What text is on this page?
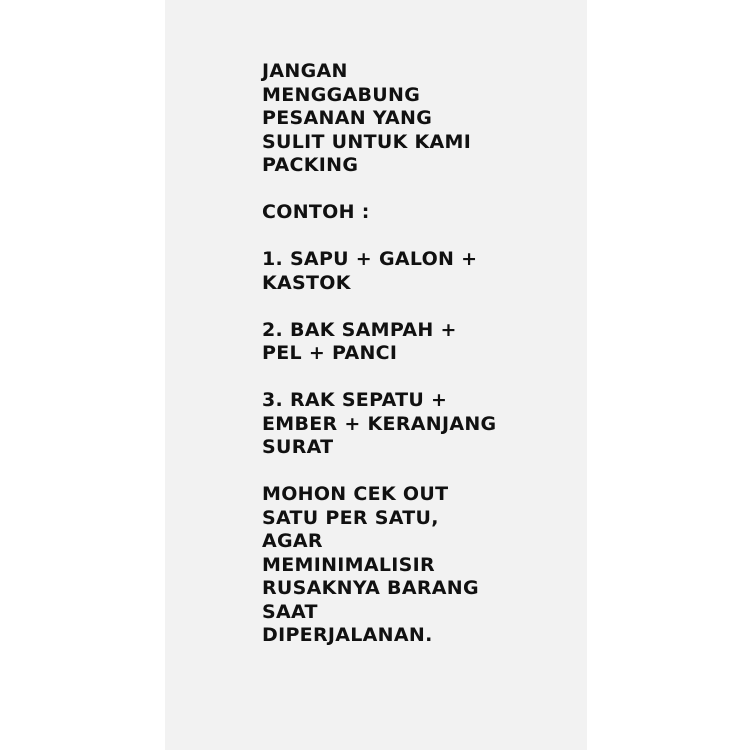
JANGAN
MENGGABUNG
PESANAN YANG
SULIT UNTUK KAMI
PACKING
CONTOH :
1. SAPU + GALON +
KASTOK
2. BAK SAMPAH +
PEL + PANCI
3. RAK SEPATU +
EMBER + KERANJANG
SURAT
MOHON CEK OUT
SATU PER SATU,
AGAR
MEMINIMALISIR
RUSAKNYA BARANG
SAAT
DIPERJALANAN.
